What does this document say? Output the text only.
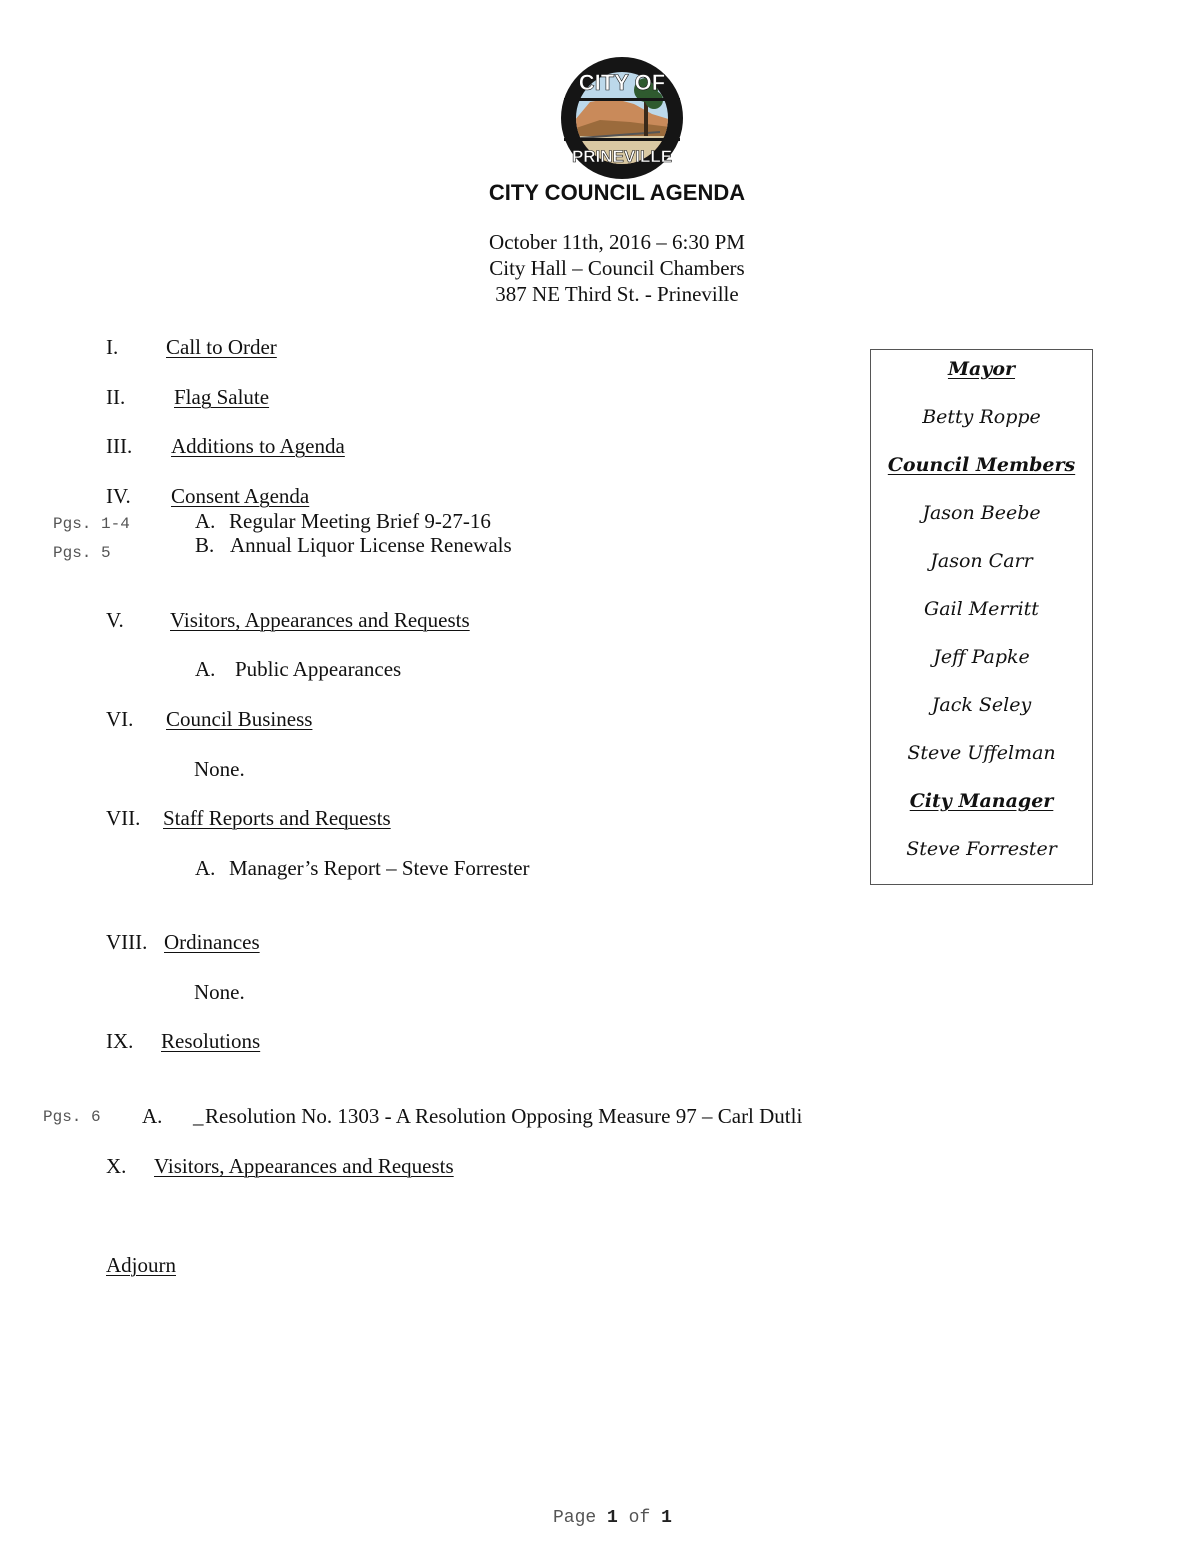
CITY OF
PRINEVILLE
CITY COUNCIL AGENDA
October 11th, 2016 – 6:30 PM
City Hall – Council Chambers
387 NE Third St. - Prineville
I. Call to Order
II. Flag Salute
III. Additions to Agenda
IV. Consent Agenda
Pgs. 1-4	A. Regular Meeting Brief 9-27-16
Pgs. 5	B. Annual Liquor License Renewals
V. Visitors, Appearances and Requests
A. Public Appearances
VI. Council Business
None.
VII. Staff Reports and Requests
A. Manager’s Report – Steve Forrester
VIII. Ordinances
None.
IX. Resolutions
Pgs. 6 A. _ Resolution No. 1303 - A Resolution Opposing Measure 97 – Carl Dutli
X. Visitors, Appearances and Requests
Adjourn
Mayor
Betty Roppe
Council Members
Jason Beebe
Jason Carr
Gail Merritt
Jeff Papke
Jack Seley
Steve Uffelman
City Manager
Steve Forrester
Page 1 of 1
